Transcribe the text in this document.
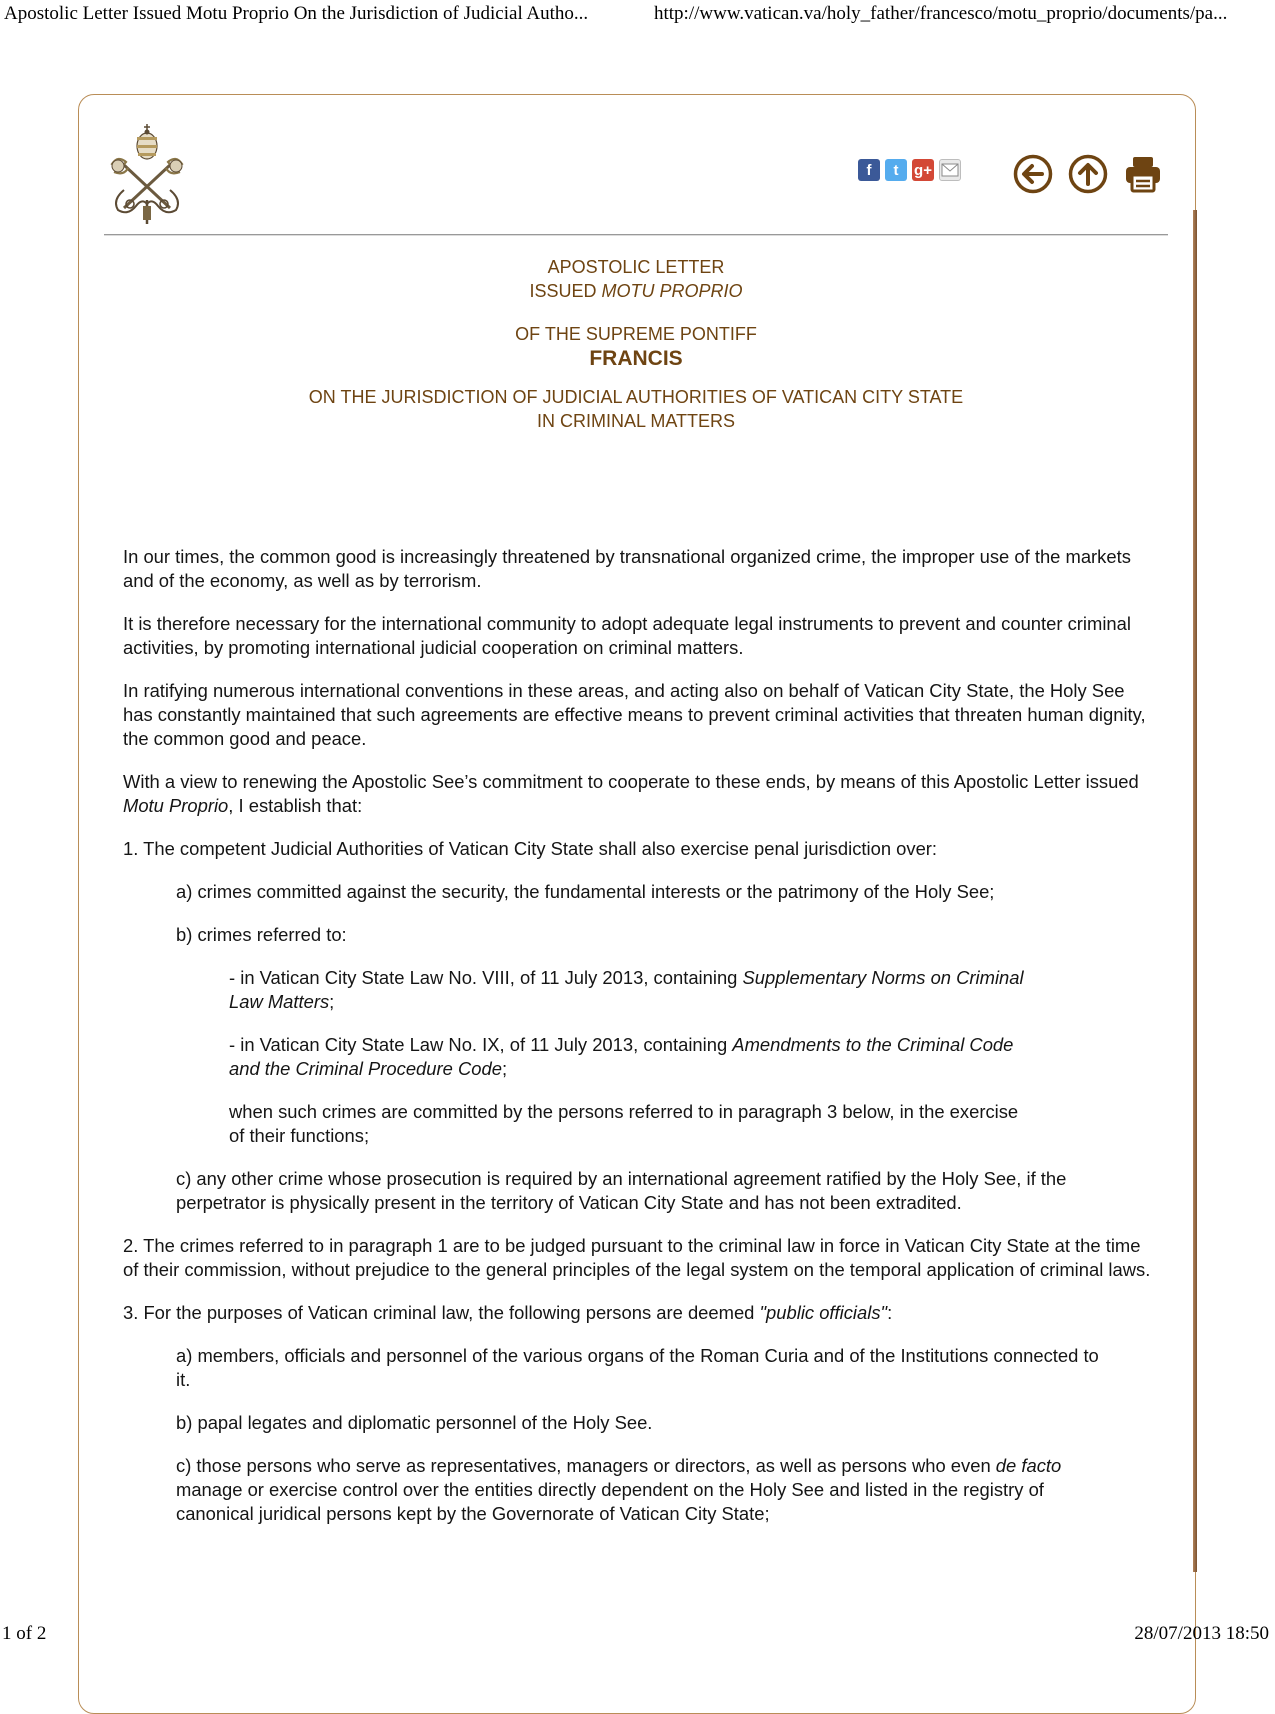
Apostolic Letter Issued Motu Proprio On the Jurisdiction of Judicial Autho...	http://www.vatican.va/holy_father/francesco/motu_proprio/documents/pa...
f	t	g+
APOSTOLIC LETTER
ISSUED MOTU PROPRIO
OF THE SUPREME PONTIFF
FRANCIS
ON THE JURISDICTION OF JUDICIAL AUTHORITIES OF VATICAN CITY STATE
IN CRIMINAL MATTERS

In our times, the common good is increasingly threatened by transnational organized crime, the improper use of the markets and of the economy, as well as by terrorism.

It is therefore necessary for the international community to adopt adequate legal instruments to prevent and counter criminal activities, by promoting international judicial cooperation on criminal matters.

In ratifying numerous international conventions in these areas, and acting also on behalf of Vatican City State, the Holy See has constantly maintained that such agreements are effective means to prevent criminal activities that threaten human dignity, the common good and peace.

With a view to renewing the Apostolic See’s commitment to cooperate to these ends, by means of this Apostolic Letter issued Motu Proprio, I establish that:

1. The competent Judicial Authorities of Vatican City State shall also exercise penal jurisdiction over:

a) crimes committed against the security, the fundamental interests or the patrimony of the Holy See;

b) crimes referred to:

- in Vatican City State Law No. VIII, of 11 July 2013, containing Supplementary Norms on Criminal Law Matters;

- in Vatican City State Law No. IX, of 11 July 2013, containing Amendments to the Criminal Code and the Criminal Procedure Code;

when such crimes are committed by the persons referred to in paragraph 3 below, in the exercise of their functions;

c) any other crime whose prosecution is required by an international agreement ratified by the Holy See, if the perpetrator is physically present in the territory of Vatican City State and has not been extradited.

2. The crimes referred to in paragraph 1 are to be judged pursuant to the criminal law in force in Vatican City State at the time of their commission, without prejudice to the general principles of the legal system on the temporal application of criminal laws.

3. For the purposes of Vatican criminal law, the following persons are deemed "public officials":

a) members, officials and personnel of the various organs of the Roman Curia and of the Institutions connected to it.

b) papal legates and diplomatic personnel of the Holy See.

c) those persons who serve as representatives, managers or directors, as well as persons who even de facto manage or exercise control over the entities directly dependent on the Holy See and listed in the registry of canonical juridical persons kept by the Governorate of Vatican City State;

1 of 2	28/07/2013 18:50
